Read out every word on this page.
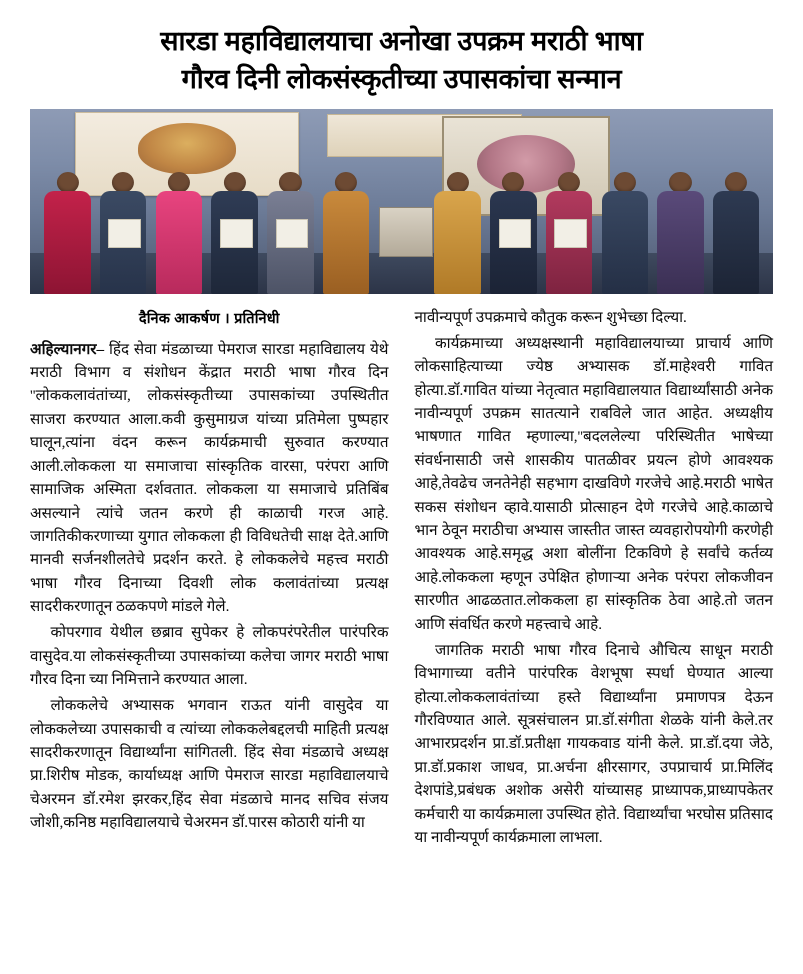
सारडा महाविद्यालयाचा अनोखा उपक्रम मराठी भाषा
गौरव दिनी लोकसंस्कृतीच्या उपासकांचा सन्मान
दैनिक आकर्षण । प्रतिनिधी

अहिल्यानगर– हिंद सेवा मंडळाच्या पेमराज सारडा महाविद्यालय येथे मराठी विभाग व संशोधन केंद्रात मराठी भाषा गौरव दिन ''लोककलावंतांच्या, लोकसंस्कृतीच्या उपासकांच्या उपस्थितीत साजरा करण्यात आला.कवी कुसुमाग्रज यांच्या प्रतिमेला पुष्पहार घालून,त्यांना वंदन करून कार्यक्रमाची सुरुवात करण्यात आली.लोककला या समाजाचा सांस्कृतिक वारसा, परंपरा आणि सामाजिक अस्मिता दर्शवतात. लोककला या समाजाचे प्रतिबिंब असल्याने त्यांचे जतन करणे ही काळाची गरज आहे. जागतिकीकरणाच्या युगात लोककला ही विविधतेची साक्ष देते.आणि मानवी सर्जनशीलतेचे प्रदर्शन करते. हे लोककलेचे महत्त्व मराठी भाषा गौरव दिनाच्या दिवशी लोक कलावंतांच्या प्रत्यक्ष सादरीकरणातून ठळकपणे मांडले गेले.

कोपरगाव येथील छब्राव सुपेकर हे लोकपरंपरेतील पारंपरिक वासुदेव.या लोकसंस्कृतीच्या उपासकांच्या कलेचा जागर मराठी भाषा गौरव दिना च्या निमित्ताने करण्यात आला.

लोककलेचे अभ्यासक भगवान राऊत यांनी वासुदेव या लोककलेच्या उपासकाची व त्यांच्या लोककलेबद्दलची माहिती प्रत्यक्ष सादरीकरणातून विद्यार्थ्यांना सांगितली. हिंद सेवा मंडळाचे अध्यक्ष प्रा.शिरीष मोडक, कार्याध्यक्ष आणि पेमराज सारडा महाविद्यालयाचे चेअरमन डॉ.रमेश झरकर,हिंद सेवा मंडळाचे मानद सचिव संजय जोशी,कनिष्ठ महाविद्यालयाचे चेअरमन डॉ.पारस कोठारी यांनी या

नावीन्यपूर्ण उपक्रमाचे कौतुक करून शुभेच्छा दिल्या.

कार्यक्रमाच्या अध्यक्षस्थानी महाविद्यालयाच्या प्राचार्य आणि लोकसाहित्याच्या ज्येष्ठ अभ्यासक डॉ.माहेश्वरी गावित होत्या.डॉ.गावित यांच्या नेतृत्वात महाविद्यालयात विद्यार्थ्यांसाठी अनेक नावीन्यपूर्ण उपक्रम सातत्याने राबविले जात आहेत. अध्यक्षीय भाषणात गावित म्हणाल्या,''बदललेल्या परिस्थितीत भाषेच्या संवर्धनासाठी जसे शासकीय पातळीवर प्रयत्न होणे आवश्यक आहे,तेवढेच जनतेनेही सहभाग दाखविणे गरजेचे आहे.मराठी भाषेत सकस संशोधन व्हावे.यासाठी प्रोत्साहन देणे गरजेचे आहे.काळाचे भान ठेवून मराठीचा अभ्यास जास्तीत जास्त व्यवहारोपयोगी करणेही आवश्यक आहे.समृद्ध अशा बोलींना टिकविणे हे सर्वांचे कर्तव्य आहे.लोककला म्हणून उपेक्षित होणाऱ्या अनेक परंपरा लोकजीवन सारणीत आढळतात.लोककला हा सांस्कृतिक ठेवा आहे.तो जतन आणि संवर्धित करणे महत्त्वाचे आहे.

जागतिक मराठी भाषा गौरव दिनाचे औचित्य साधून मराठी विभागाच्या वतीने पारंपरिक वेशभूषा स्पर्धा घेण्यात आल्या होत्या.लोककलावंतांच्या हस्ते विद्यार्थ्यांना प्रमाणपत्र देऊन गौरविण्यात आले. सूत्रसंचालन प्रा.डॉ.संगीता शेळके यांनी केले.तर आभारप्रदर्शन प्रा.डॉ.प्रतीक्षा गायकवाड यांनी केले. प्रा.डॉ.दया जेठे, प्रा.डॉ.प्रकाश जाधव, प्रा.अर्चना क्षीरसागर, उपप्राचार्य प्रा.मिलिंद देशपांडे,प्रबंधक अशोक असेरी यांच्यासह प्राध्यापक,प्राध्यापकेतर कर्मचारी या कार्यक्रमाला उपस्थित होते. विद्यार्थ्यांचा भरघोस प्रतिसाद या नावीन्यपूर्ण कार्यक्रमाला लाभला.
